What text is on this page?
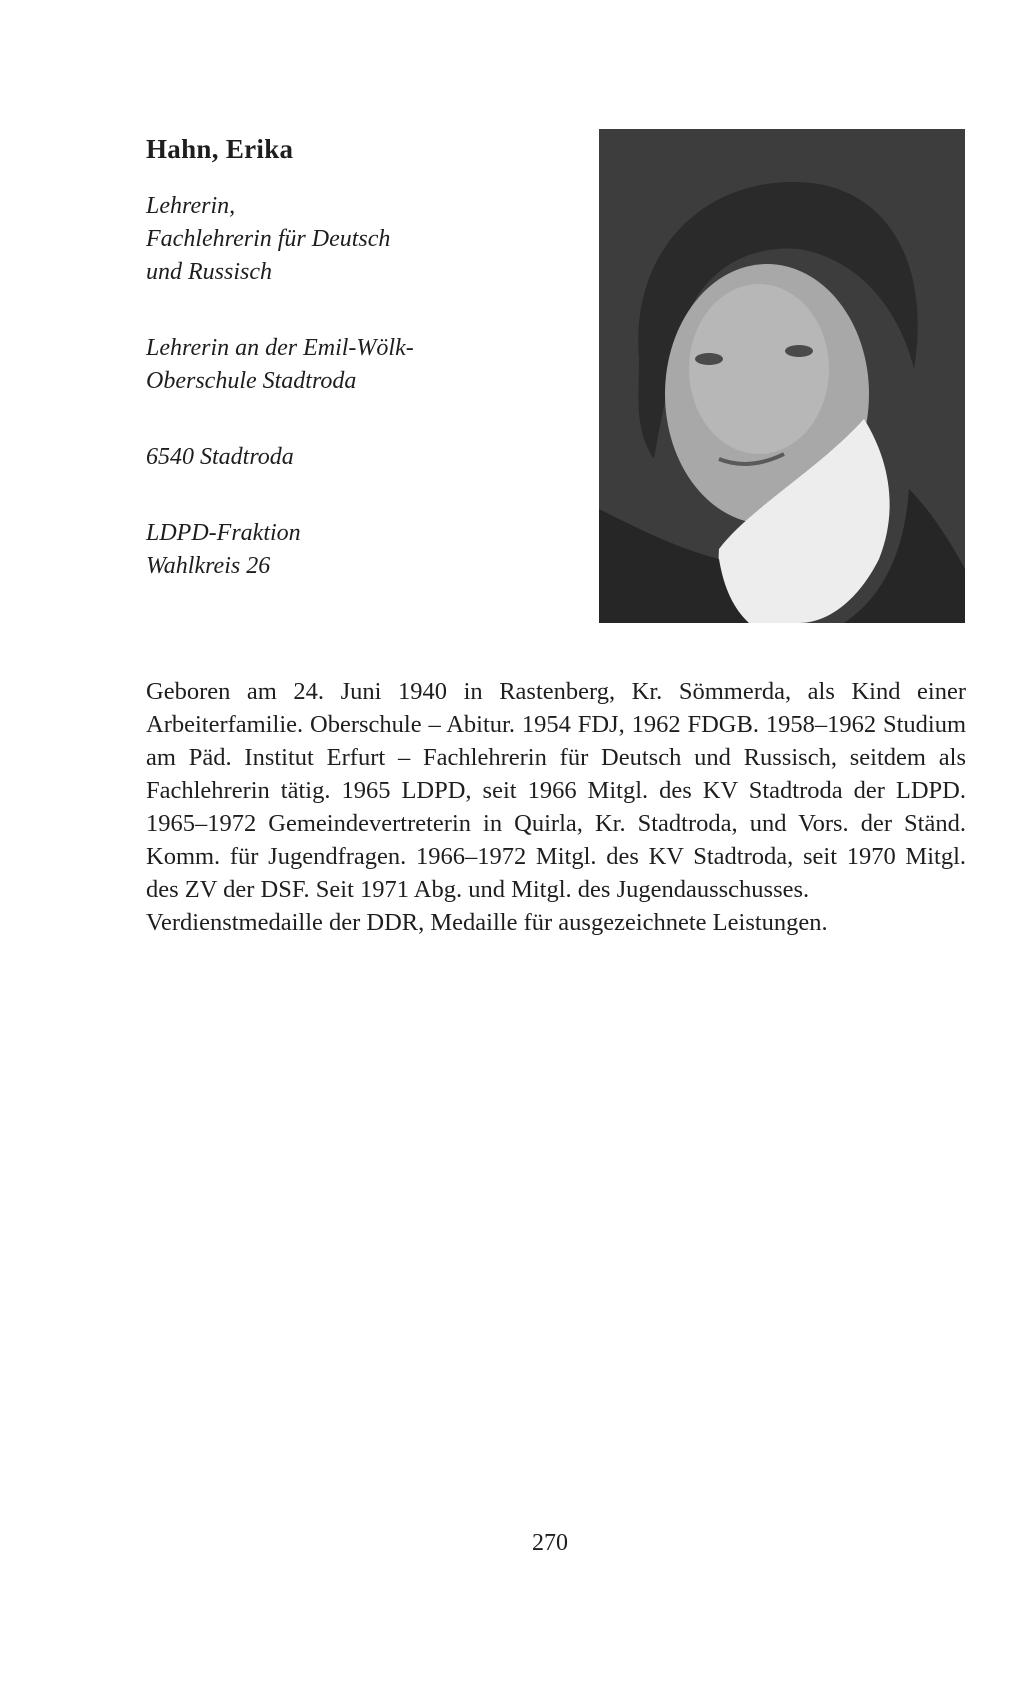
Hahn, Erika
Lehrerin,
Fachlehrerin für Deutsch
und Russisch
Lehrerin an der Emil-Wölk-
Oberschule Stadtroda
6540 Stadtroda
LDPD-Fraktion
Wahlkreis 26

Geboren am 24. Juni 1940 in Rastenberg, Kr. Sömmerda, als Kind einer Arbeiterfamilie. Oberschule – Abitur. 1954 FDJ, 1962 FDGB. 1958–1962 Studium am Päd. Institut Erfurt – Fachlehrerin für Deutsch und Russisch, seitdem als Fachlehrerin tätig. 1965 LDPD, seit 1966 Mitgl. des KV Stadtroda der LDPD. 1965–1972 Gemeindevertreterin in Quirla, Kr. Stadtroda, und Vors. der Ständ. Komm. für Jugendfragen. 1966–1972 Mitgl. des KV Stadtroda, seit 1970 Mitgl. des ZV der DSF. Seit 1971 Abg. und Mitgl. des Jugendausschusses.

Verdienstmedaille der DDR, Medaille für ausgezeichnete Leistungen.

270
